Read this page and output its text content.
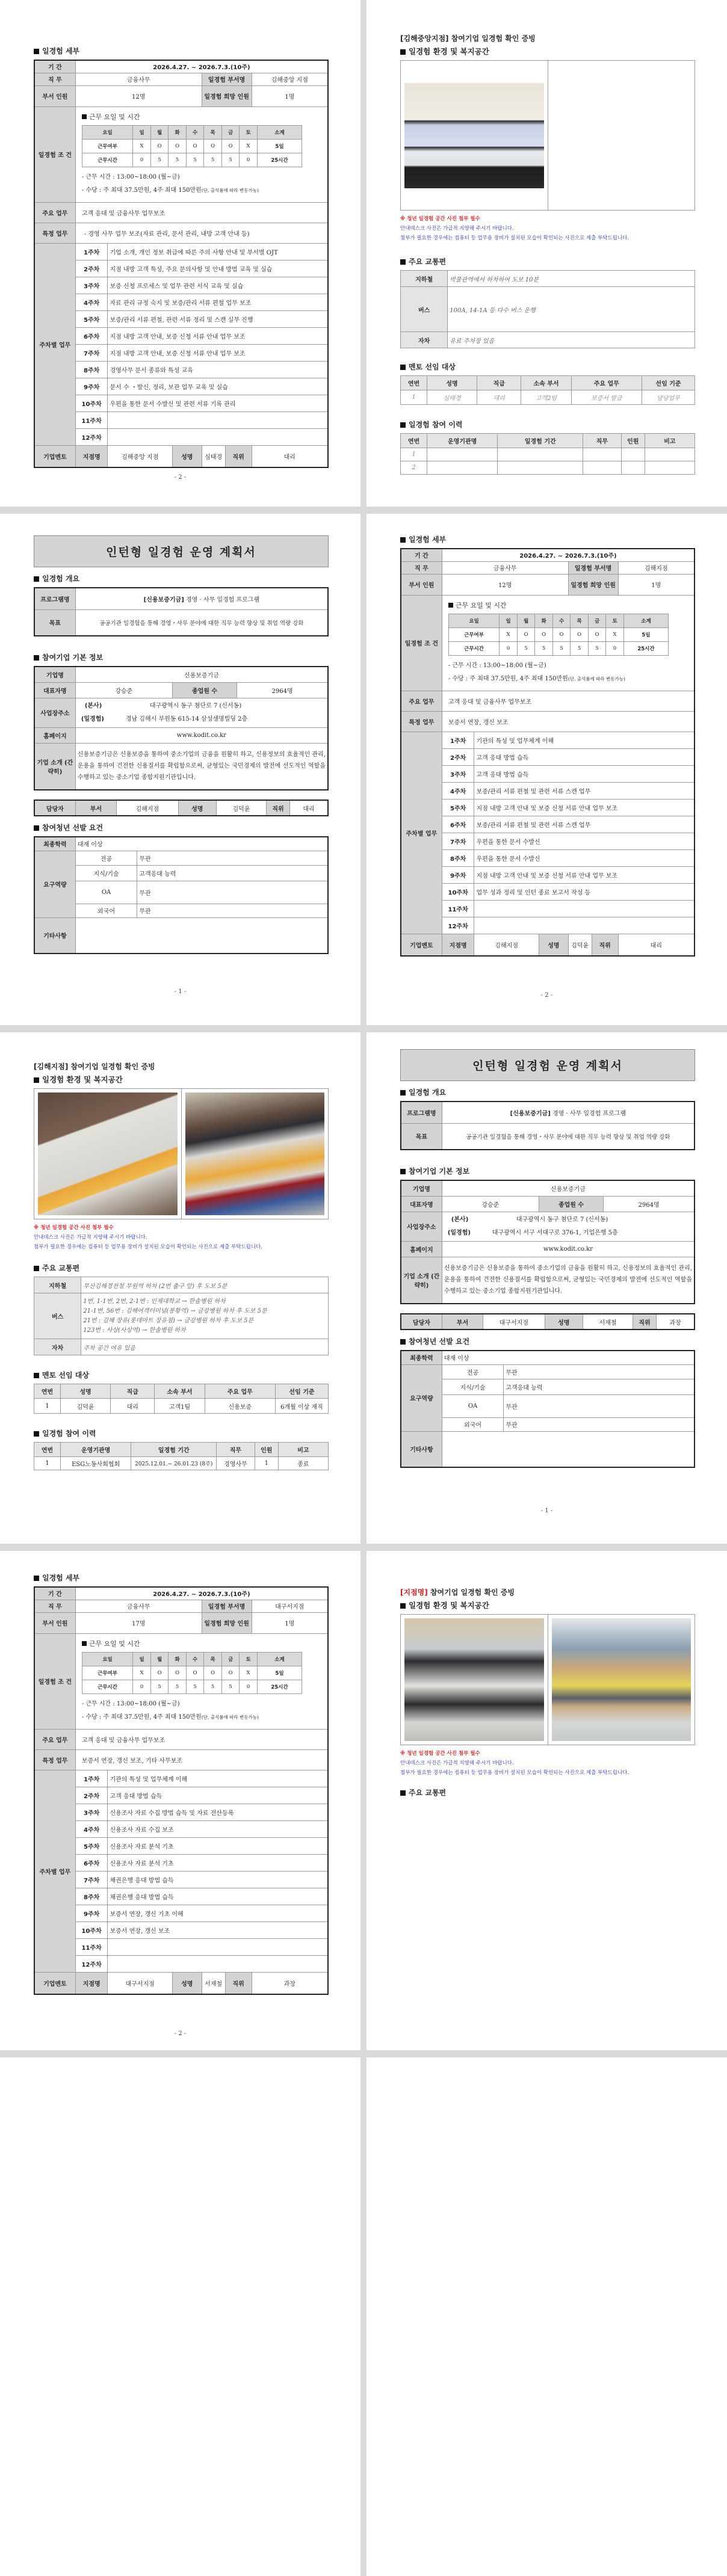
일경험 세부
기 간	2026.4.27. ~ 2026.7.3.(10주)
직 무	금융사무	일경험 부서명	김해중앙 지점
부서 인원	12명	일경험 희망 인원	1명
일경험 조 건	
근무 요일 및 시간
요일	일	월	화	수	목	금	토	소계
근무여부	X	O	O	O	O	O	X	5일
근무시간	0	5	5	5	5	5	0	25시간
- 근무 시간 : 13:00~18:00 (월~금)
- 수당 : 주 최대 37.5만원, 4주 최대 150만원(단, 출석률에 따라 변동가능)

주요 업무	고객 응대 및 금융사무 업무보조
특정 업무	- 경영 사무 업무 보조(자료 관리, 문서 관리, 내방 고객 안내 등)
주차별 업무	1주차	기업 소개, 개인 정보 취급에 따른 주의 사항 안내 및 부서별 OJT
2주차	지점 내방 고객 특성, 주요 문의사항 및 안내 방법 교육 및 실습
3주차	보증 신청 프로세스 및 업무 관련 서식 교육 및 실습
4주차	자료 관리 규정 숙지 및 보증/관리 서류 편철 업무 보조
5주차	보증/관리 서류 편철, 관련 서류 정리 및 스캔 실무 진행
6주차	지점 내방 고객 안내, 보증 신청 서류 안내 업무 보조
7주차	지점 내방 고객 안내, 보증 신청 서류 안내 업무 보조
8주차	경영사무 문서 종류와 특성 교육
9주차	문서 수 ・발신, 정리, 보관 업무 교육 및 실습
10주차	우편을 통한 문서 수발신 및 관련 서류 기록 관리
11주차	
12주차	
기업멘토	지점명	김해중앙 지점	성명	심태경	직위	대리
- 2 -
[김해중앙지점] 참여기업 일경험 확인 증빙
일경험 환경 및 복지공간
※ 청년 일경험 공간 사진 첨부 필수
안내데스크 사진은 가급적 지양해 주시기 바랍니다.
첨부가 필요한 경우에는 컴퓨터 등 업무용 장비가 설치된 모습이 확인되는 사진으로 제출 부탁드립니다.
주요 교통편
지하철	박물관역에서 하차하여 도보 10분
버스	100A, 14-1A 등 다수 버스 운행
자차	유료 주차장 있음
멘토 선임 대상
연번	성명	직급	소속 부서	주요 업무	선임 기준
1	심태경	대리	고객2팀	보증서 발급	담당업무
일경험 참여 이력
연번	운영기관명	일경험 기간	직무	인원	비고
1					
2					
인턴형 일경험 운영 계획서
일경험 개요
프로그램명	[신용보증기금] 경영 · 사무 일경험 프로그램
목표	공공기관 일경험을 통해 경영・사무 분야에 대한 직무 능력 향상 및 취업 역량 강화
참여기업 기본 정보
기업명	신용보증기금		
대표자명	강승준	종업원 수	2964명
사업장주소	(본사) 대구광역시 동구 첨단로 7 (신서동)
(일경험) 경남 김해시 부원동 615-14 삼성생명빌딩 2층		

홈페이지	www.kodit.co.kr		
기업 소개 (간략히)	신용보증기금은 신용보증을 통하여 중소기업의 금융을 원활히 하고, 신용정보의 효율적인 관리,운용을 통하여 건전한 신용질서를 확립함으로써, 균형있는 국민경제의 발전에 선도적인 역할을 수행하고 있는 중소기업 종합지원기관입니다.		
담당자	부서	김해지점	성명	김덕윤	직위	대리
참여청년 선발 요건
최종학력	대재 이상	
요구역량	전공	무관
	지식/기술	고객응대 능력
	OA	무관
	외국어	무관
기타사항		
- 1 -
일경험 세부
기 간	2026.4.27. ~ 2026.7.3.(10주)
직 무	금융사무	일경험 부서명	김해지점
부서 인원	12명	일경험 희망 인원	1명
일경험 조 건	
근무 요일 및 시간
요일	일	월	화	수	목	금	토	소계
근무여부	X	O	O	O	O	O	X	5일
근무시간	0	5	5	5	5	5	0	25시간
- 근무 시간 : 13:00~18:00 (월~금)
- 수당 : 주 최대 37.5만원, 4주 최대 150만원(단, 출석률에 따라 변동가능)

주요 업무	고객 응대 및 금융사무 업무보조
특정 업무	보증서 연장, 갱신 보조
주차별 업무	1주차	기관의 특성 및 업무체계 이해
2주차	고객 응대 방법 습득
3주차	고객 응대 방법 습득
4주차	보증/관리 서류 편철 및 관련 서류 스캔 업무
5주차	지점 내방 고객 안내 및 보증 신청 서류 안내 업무 보조
6주차	보증/관리 서류 편철 및 관련 서류 스캔 업무
7주차	우편을 통한 문서 수발신
8주차	우편을 통한 문서 수발신
9주차	지점 내방 고객 안내 및 보증 신청 서류 안내 업무 보조
10주차	업무 성과 정리 및 인턴 종료 보고서 작성 등
11주차	
12주차	
기업멘토	지점명	김해지점	성명	김덕윤	직위	대리
- 2 -
[김해지점] 참여기업 일경험 확인 증빙
일경험 환경 및 복지공간
※ 청년 일경험 공간 사진 첨부 필수
안내데스크 사진은 가급적 지양해 주시기 바랍니다.
첨부가 필요한 경우에는 컴퓨터 등 업무용 장비가 설치된 모습이 확인되는 사진으로 제출 부탁드립니다.
주요 교통편
지하철	부산김해경전철 부원역 하차 (2번 출구 앞) 후 도보 5분
버스	1번, 1-1번, 2번, 2-1번 : 인제대학교 → 한솔병원 하차
21-1번, 56번 : 김해여객터미널(봉황역) → 금강병원 하차 후 도보 5분
21번 : 김해 장유(롯데마트 장유점) → 금강병원 하차 후 도보 5분
123번 : 사상(사상역) → 한솔병원 하차

자차	주차 공간 여유 있음
멘토 선임 대상
연번	성명	직급	소속 부서	주요 업무	선임 기준
1	김덕윤	대리	고객1팀	신용보증	6개월 이상 재직
일경험 참여 이력
연번	운영기관명	일경험 기간	직무	인원	비고
1	ESG노동사회협회	2025.12.01.~ 26.01.23 (8주)	경영사무	1	종료
인턴형 일경험 운영 계획서
일경험 개요
프로그램명	[신용보증기금] 경영 · 사무 일경험 프로그램
목표	공공기관 일경험을 통해 경영・사무 분야에 대한 직무 능력 향상 및 취업 역량 강화
참여기업 기본 정보
기업명	신용보증기금		
대표자명	강승준	종업원 수	2964명
사업장주소	(본사) 대구광역시 동구 첨단로 7 (신서동)
(일경험) 대구광역시 서구 서대구로 376-1, 기업은행 5층		

홈페이지	www.kodit.co.kr		
기업 소개 (간략히)	신용보증기금은 신용보증을 통하여 중소기업의 금융을 원활히 하고, 신용정보의 효율적인 관리,운용을 통하여 건전한 신용질서를 확립함으로써, 균형있는 국민경제의 발전에 선도적인 역할을 수행하고 있는 중소기업 종합지원기관입니다.		
담당자	부서	대구서지점	성명	서재철	직위	과장
참여청년 선발 요건
최종학력	대재 이상	
요구역량	전공	무관
	지식/기술	고객응대 능력
	OA	무관
	외국어	무관
기타사항		
- 1 -
일경험 세부
기 간	2026.4.27. ~ 2026.7.3.(10주)
직 무	금융사무	일경험 부서명	대구서지점
부서 인원	17명	일경험 희망 인원	1명
일경험 조 건	
근무 요일 및 시간
요일	일	월	화	수	목	금	토	소계
근무여부	X	O	O	O	O	O	X	5일
근무시간	0	5	5	5	5	5	0	25시간
- 근무 시간 : 13:00~18:00 (월~금)
- 수당 : 주 최대 37.5만원, 4주 최대 150만원(단, 출석률에 따라 변동가능)

주요 업무	고객 응대 및 금융사무 업무보조
특정 업무	보증서 연장, 갱신 보조, 기타 사무보조
주차별 업무	1주차	기관의 특성 및 업무체계 이해
2주차	고객 응대 방법 습득
3주차	신용조사 자료 수집 방법 습득 및 자료 전산등록
4주차	신용조사 자료 수집 보조
5주차	신용조사 자료 분석 기초
6주차	신용조사 자료 분석 기초
7주차	채권은행 응대 방법 습득
8주차	채권은행 응대 방법 습득
9주차	보증서 연장, 갱신 기초 이해
10주차	보증서 연장, 갱신 보조
11주차	
12주차	
기업멘토	지점명	대구서지점	성명	서재철	직위	과장
- 2 -
[지점명] 참여기업 일경험 확인 증빙
일경험 환경 및 복지공간
※ 청년 일경험 공간 사진 첨부 필수
안내데스크 사진은 가급적 지양해 주시기 바랍니다.
첨부가 필요한 경우에는 컴퓨터 등 업무용 장비가 설치된 모습이 확인되는 사진으로 제출 부탁드립니다.
주요 교통편
